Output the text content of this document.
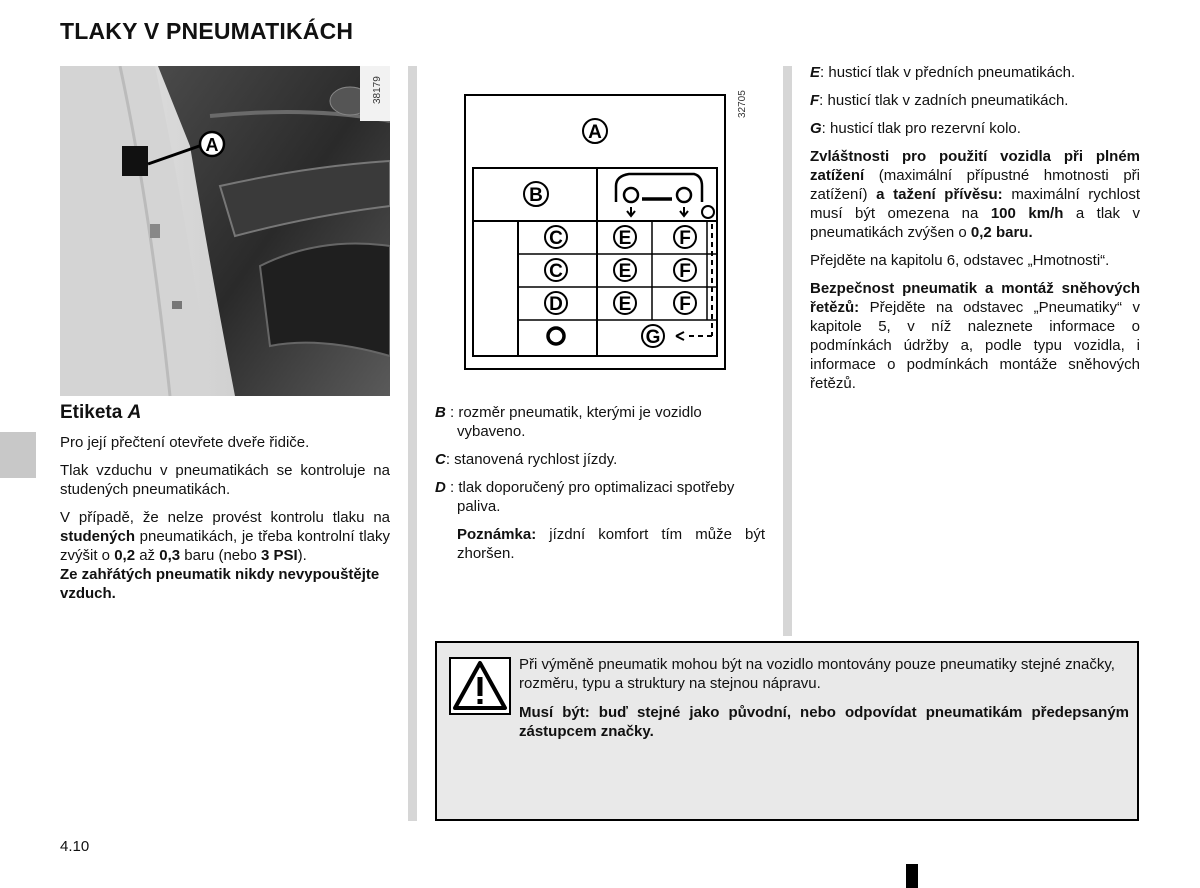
TLAKY V PNEUMATIKÁCH
A
38179
A
B
C	E	F
C	E	F
D	E	F
G
32705
Etiketa A

Pro její přečtení otevřete dveře řidiče.

Tlak vzduchu v pneumatikách se kontroluje na studených pneumatikách.

V případě, že nelze provést kontrolu tlaku na studených pneumatikách, je třeba kontrolní tlaky zvýšit o 0,2 až 0,3 baru (nebo 3 PSI).

Ze zahřátých pneumatik nikdy nevypouštějte vzduch.

B : rozměr pneumatik, kterými je vozidlo vybaveno.

C: stanovená rychlost jízdy.

D : tlak doporučený pro optimalizaci spotřeby paliva.

Poznámka: jízdní komfort tím může být zhoršen.

E: husticí tlak v předních pneumatikách.

F: husticí tlak v zadních pneumatikách.

G: husticí tlak pro rezervní kolo.

Zvláštnosti pro použití vozidla při plném zatížení (maximální přípustné hmotnosti při zatížení) a tažení přívěsu: maximální rychlost musí být omezena na 100 km/h a tlak v pneumatikách zvýšen o 0,2 baru.

Přejděte na kapitolu 6, odstavec „Hmotnosti“.

Bezpečnost pneumatik a montáž sněhových řetězů: Přejděte na odstavec „Pneumatiky“ v kapitole 5, v níž naleznete informace o podmínkách údržby a, podle typu vozidla, i informace o podmínkách montáže sněhových řetězů.

Při výměně pneumatik mohou být na vozidlo montovány pouze pneumatiky stejné značky, rozměru, typu a struktury na stejnou nápravu.

Musí být: buď stejné jako původní, nebo odpovídat pneumatikám předepsaným zástupcem značky.

4.10
